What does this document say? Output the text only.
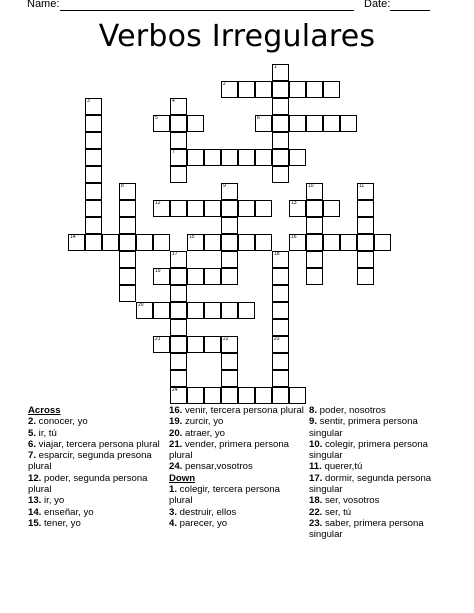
Name:	Date:
Verbos Irregulares
2
5	6
7
12	13
14	15	16
19
20
21
24
1
3	4
8	9	10	11
17	18
22	23

Across

2. conocer, yo

5. ir, tú

6. viajar, tercera persona plural

7. esparcir, segunda presona plural

12. poder, segunda persona plural

13. ir, yo

14. enseñar, yo

15. tener, yo

16. venir, tercera persona plural

19. zurcir, yo

20. atraer, yo

21. vender, primera persona plural

24. pensar,vosotros

Down

1. colegir, tercera persona plural

3. destruir, ellos

4. parecer, yo

8. poder, nosotros

9. sentir, primera persona singular

10. colegir, primera persona singular

11. querer,tú

17. dormir, segunda persona singular

18. ser, vosotros

22. ser, tú

23. saber, primera persona singular
